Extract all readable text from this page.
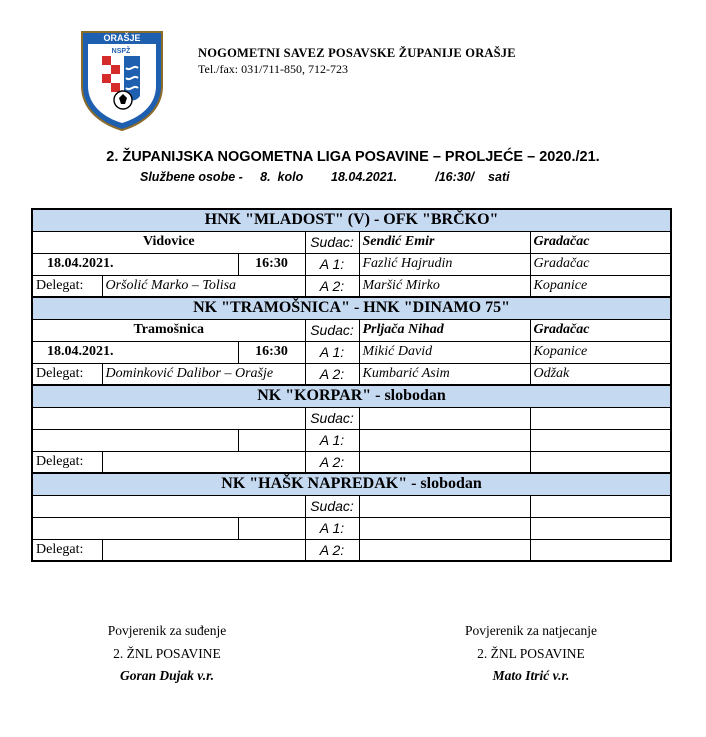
ORAŠJE
NSPŽ	NOGOMETNI SAVEZ POSAVSKE ŽUPANIJE ORAŠJE
Tel./fax: 031/711-850, 712-723
2. ŽUPANIJSKA NOGOMETNA LIGA POSAVINE – PROLJEĆE – 2020./21.
Službene osobe -     8.  kolo        18.04.2021.           /16:30/    sati
HNK "MLADOST" (V) - OFK "BRČKO"					
Vidovice			Sudac:	Sendić Emir	Gradačac
18.04.2021.		16:30	A 1:	Fazlić Hajrudin	Gradačac
Delegat:	Oršolić Marko – Tolisa		A 2:	Maršić Mirko	Kopanice
NK "TRAMOŠNICA" - HNK "DINAMO 75"					
Tramošnica			Sudac:	Prljača Nihad	Gradačac
18.04.2021.		16:30	A 1:	Mikić David	Kopanice
Delegat:	Dominković Dalibor – Orašje		A 2:	Kumbarić Asim	Odžak
NK "KORPAR" - slobodan					
			Sudac:		
			A 1:		
Delegat:			A 2:		
NK "HAŠK NAPREDAK" - slobodan					
			Sudac:		
			A 1:		
Delegat:			A 2:		
Povjerenik za suđenje
2. ŽNL POSAVINE
Goran Dujak v.r.
Povjerenik za natjecanje
2. ŽNL POSAVINE
Mato Itrić v.r.
